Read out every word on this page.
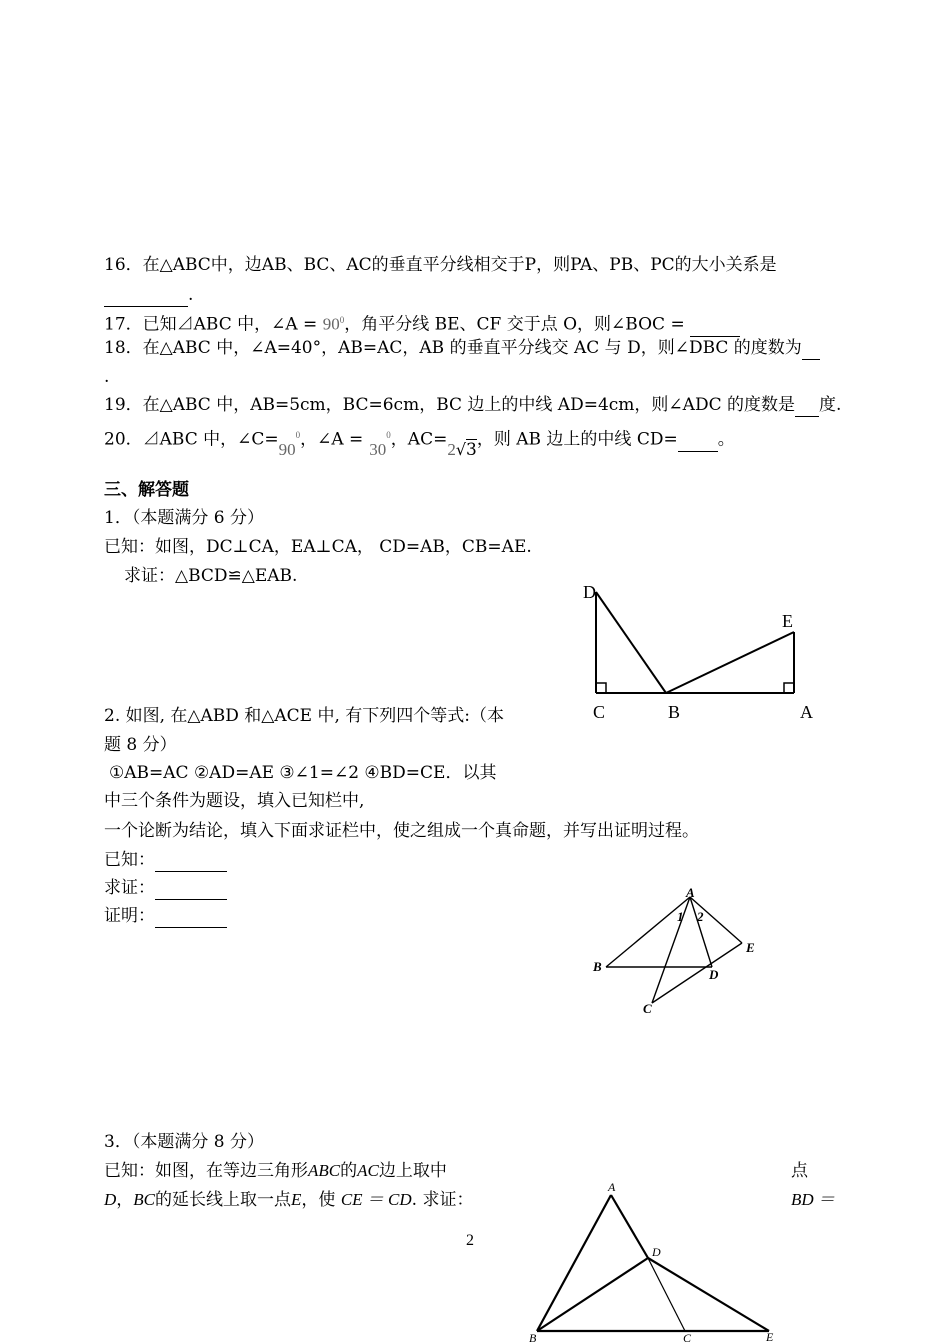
16．在△ABC中，边AB、BC、AC的垂直平分线相交于P，则PA、PB、PC的大小关系是
.
17．已知⊿ABC 中，∠A = $90^0$，角平分线 BE、CF 交于点 O，则∠BOC =
18．在△ABC 中，∠A=40°，AB=AC，AB 的垂直平分线交 AC 与 D，则∠DBC 的度数为
.
19．在△ABC 中，AB=5cm，BC=6cm，BC 边上的中线 AD=4cm，则∠ADC 的度数是 度.
20．⊿ABC 中，$\angle C=90^0$，∠A = $30^0$，AC=2√3，则 AB 边上的中线 CD= 。
三、解答题
1．（本题满分 6 分）
已知：如图，DC⊥CA，EA⊥CA， CD=AB，CB=AE.
求证：△BCD≌△EAB.
D
E
C	B	A
2. 如图, 在△ABD 和△ACE 中, 有下列四个等式:（本
题 8 分）
①AB=AC ②AD=AE ③∠1=∠2 ④BD=CE．以其
中三个条件为题设，填入已知栏中,
一个论断为结论，填入下面求证栏中，使之组成一个真命题，并写出证明过程。
已知：
求证：
证明：
A
B
C
D
E
1 2
3．（本题满分 8 分）
已知：如图，在等边三角形ABC的AC边上取中	点
D，BC的延长线上取一点E，使 CE ＝ CD. 求证：	BD ＝
A
D
B	C	E
2
